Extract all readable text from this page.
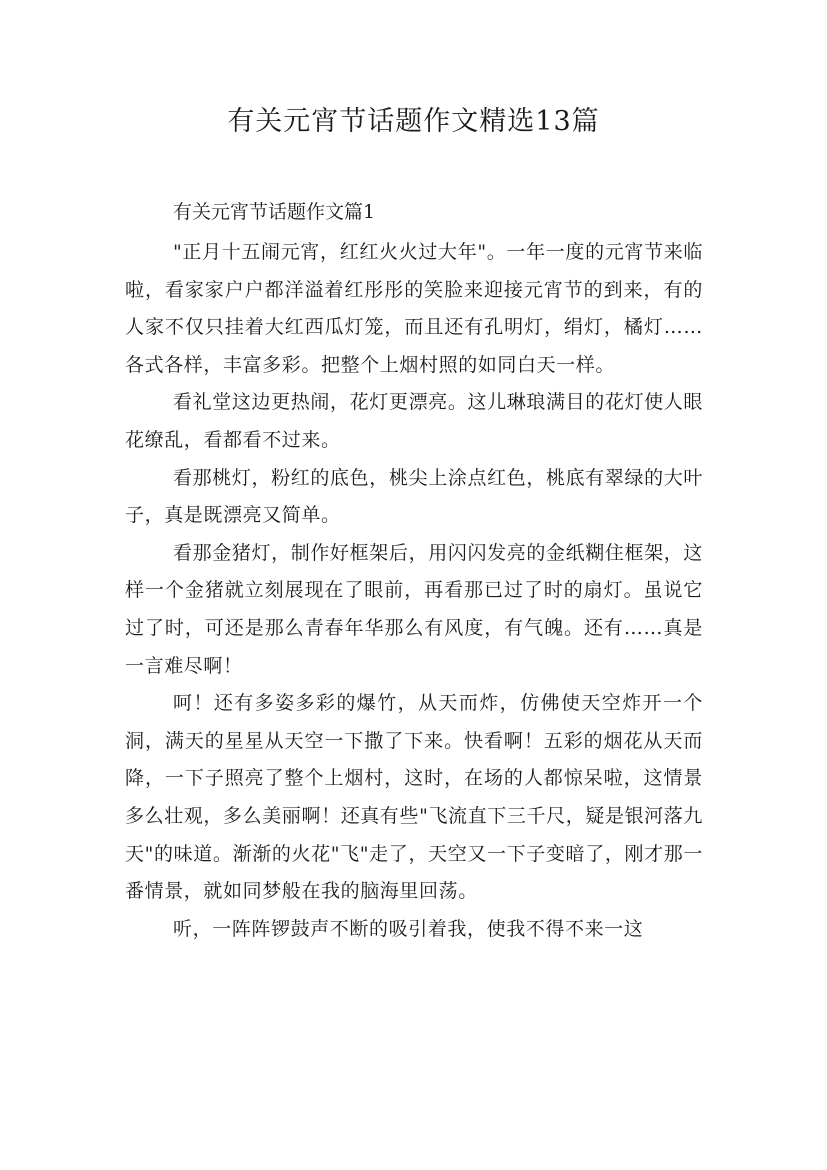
有关元宵节话题作文精选13篇
有关元宵节话题作文篇1

"正月十五闹元宵，红红火火过大年"。一年一度的元宵节来临啦，看家家户户都洋溢着红彤彤的笑脸来迎接元宵节的到来，有的人家不仅只挂着大红西瓜灯笼，而且还有孔明灯，绢灯，橘灯……各式各样，丰富多彩。把整个上烟村照的如同白天一样。

看礼堂这边更热闹，花灯更漂亮。这儿琳琅满目的花灯使人眼花缭乱，看都看不过来。

看那桃灯，粉红的底色，桃尖上涂点红色，桃底有翠绿的大叶子，真是既漂亮又简单。

看那金猪灯，制作好框架后，用闪闪发亮的金纸糊住框架，这样一个金猪就立刻展现在了眼前，再看那已过了时的扇灯。虽说它过了时，可还是那么青春年华那么有风度，有气魄。还有……真是一言难尽啊！

呵！还有多姿多彩的爆竹，从天而炸，仿佛使天空炸开一个洞，满天的星星从天空一下撒了下来。快看啊！五彩的烟花从天而降，一下子照亮了整个上烟村，这时，在场的人都惊呆啦，这情景多么壮观，多么美丽啊！还真有些"飞流直下三千尺，疑是银河落九天"的味道。渐渐的火花"飞"走了，天空又一下子变暗了，刚才那一番情景，就如同梦般在我的脑海里回荡。

听，一阵阵锣鼓声不断的吸引着我，使我不得不来一这
